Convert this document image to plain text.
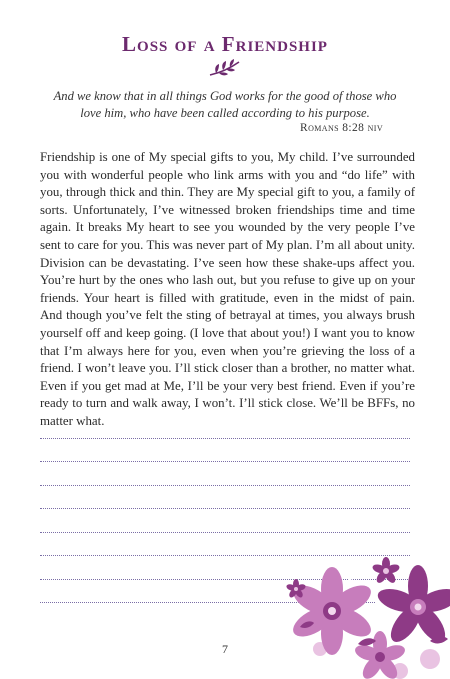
Loss of a Friendship
And we know that in all things God works for the good of those who love him, who have been called according to his purpose.
Romans 8:28 niv
Friendship is one of My special gifts to you, My child. I’ve surrounded you with wonderful people who link arms with you and “do life” with you, through thick and thin. They are My special gift to you, a family of sorts. Unfortunately, I’ve witnessed broken friendships time and time again. It breaks My heart to see you wounded by the very people I’ve sent to care for you. This was never part of My plan. I’m all about unity. Division can be devastating. I’ve seen how these shake-ups affect you. You’re hurt by the ones who lash out, but you refuse to give up on your friends. Your heart is filled with gratitude, even in the midst of pain. And though you’ve felt the sting of betrayal at times, you always brush yourself off and keep going. (I love that about you!) I want you to know that I’m always here for you, even when you’re grieving the loss of a friend. I won’t leave you. I’ll stick closer than a brother, no matter what. Even if you get mad at Me, I’ll be your very best friend. Even if you’re ready to turn and walk away, I won’t. I’ll stick close. We’ll be BFFs, no matter what.
7
